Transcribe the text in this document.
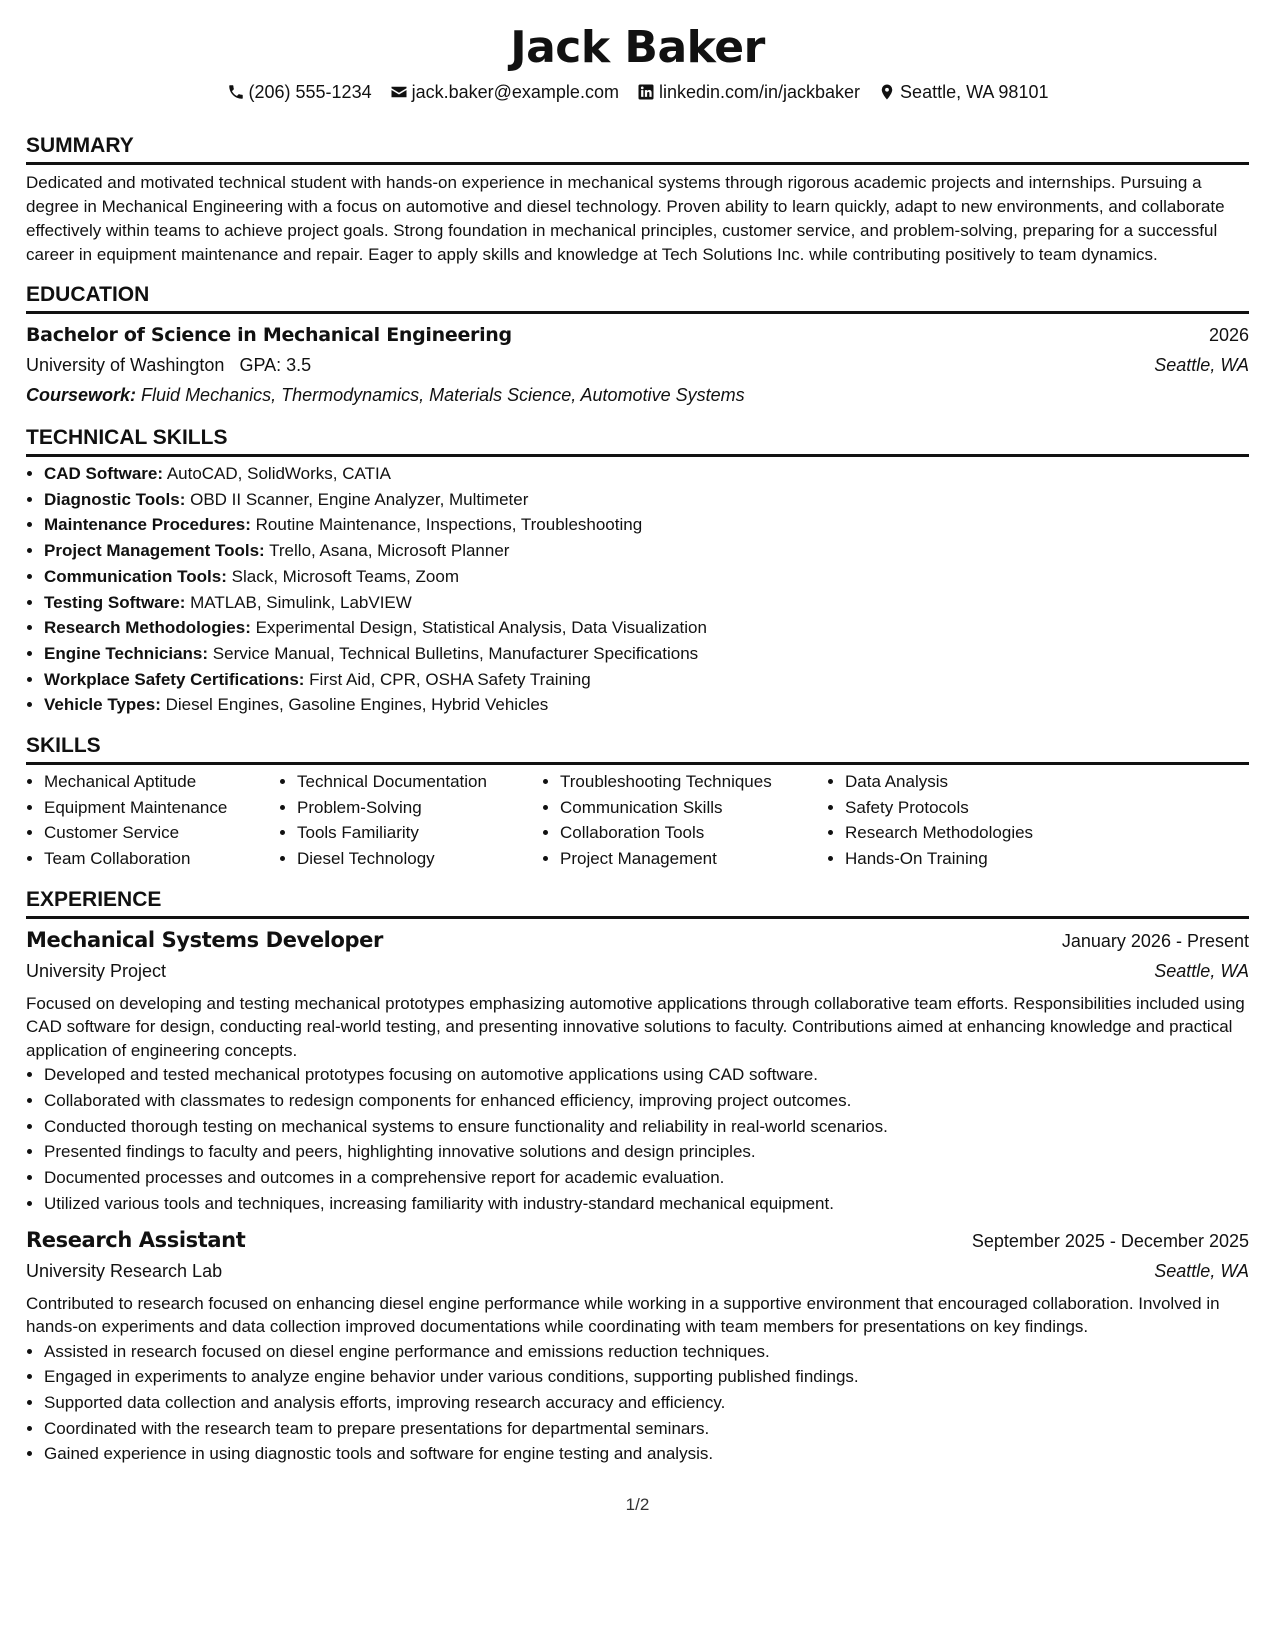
Jack Baker
(206) 555-1234 jack.baker@example.com linkedin.com/in/jackbaker Seattle, WA 98101
SUMMARY
Dedicated and motivated technical student with hands-on experience in mechanical systems through rigorous academic projects and internships. Pursuing a degree in Mechanical Engineering with a focus on automotive and diesel technology. Proven ability to learn quickly, adapt to new environments, and collaborate effectively within teams to achieve project goals. Strong foundation in mechanical principles, customer service, and problem-solving, preparing for a successful career in equipment maintenance and repair. Eager to apply skills and knowledge at Tech Solutions Inc. while contributing positively to team dynamics.
EDUCATION
Bachelor of Science in Mechanical Engineering	2026
University of Washington GPA: 3.5	Seattle, WA
Coursework: Fluid Mechanics, Thermodynamics, Materials Science, Automotive Systems
TECHNICAL SKILLS
• CAD Software: AutoCAD, SolidWorks, CATIA
• Diagnostic Tools: OBD II Scanner, Engine Analyzer, Multimeter
• Maintenance Procedures: Routine Maintenance, Inspections, Troubleshooting
• Project Management Tools: Trello, Asana, Microsoft Planner
• Communication Tools: Slack, Microsoft Teams, Zoom
• Testing Software: MATLAB, Simulink, LabVIEW
• Research Methodologies: Experimental Design, Statistical Analysis, Data Visualization
• Engine Technicians: Service Manual, Technical Bulletins, Manufacturer Specifications
• Workplace Safety Certifications: First Aid, CPR, OSHA Safety Training
• Vehicle Types: Diesel Engines, Gasoline Engines, Hybrid Vehicles
SKILLS
• Mechanical Aptitude
• Equipment Maintenance
• Customer Service
• Team Collaboration
• Technical Documentation
• Problem-Solving
• Tools Familiarity
• Diesel Technology
• Troubleshooting Techniques
• Communication Skills
• Collaboration Tools
• Project Management
• Data Analysis
• Safety Protocols
• Research Methodologies
• Hands-On Training
EXPERIENCE
Mechanical Systems Developer	January 2026 - Present
University Project	Seattle, WA
Focused on developing and testing mechanical prototypes emphasizing automotive applications through collaborative team efforts. Responsibilities included using CAD software for design, conducting real-world testing, and presenting innovative solutions to faculty. Contributions aimed at enhancing knowledge and practical application of engineering concepts.
• Developed and tested mechanical prototypes focusing on automotive applications using CAD software.
• Collaborated with classmates to redesign components for enhanced efficiency, improving project outcomes.
• Conducted thorough testing on mechanical systems to ensure functionality and reliability in real-world scenarios.
• Presented findings to faculty and peers, highlighting innovative solutions and design principles.
• Documented processes and outcomes in a comprehensive report for academic evaluation.
• Utilized various tools and techniques, increasing familiarity with industry-standard mechanical equipment.
Research Assistant	September 2025 - December 2025
University Research Lab	Seattle, WA
Contributed to research focused on enhancing diesel engine performance while working in a supportive environment that encouraged collaboration. Involved in hands-on experiments and data collection improved documentations while coordinating with team members for presentations on key findings.
• Assisted in research focused on diesel engine performance and emissions reduction techniques.
• Engaged in experiments to analyze engine behavior under various conditions, supporting published findings.
• Supported data collection and analysis efforts, improving research accuracy and efficiency.
• Coordinated with the research team to prepare presentations for departmental seminars.
• Gained experience in using diagnostic tools and software for engine testing and analysis.
1/2
